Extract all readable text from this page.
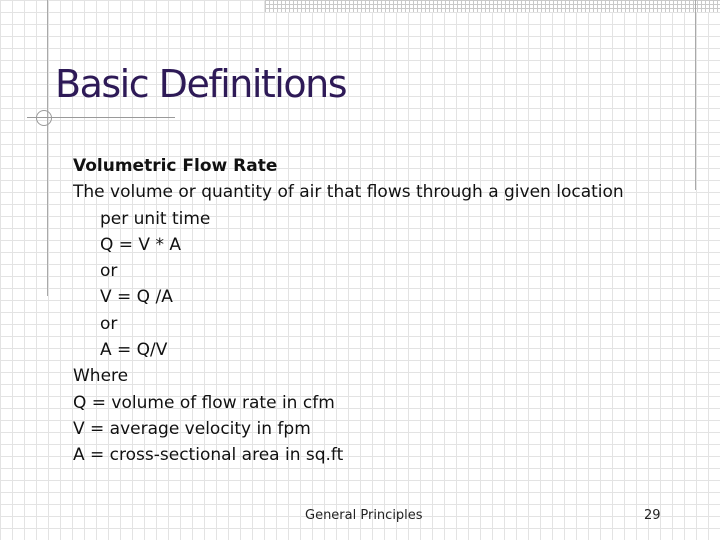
Basic Definitions
Volumetric Flow Rate
The volume or quantity of air that flows through a given location
per unit time
Q = V * A
or
V = Q /A
or
A = Q/V
Where
Q = volume of flow rate in cfm
V = average velocity in fpm
A = cross-sectional area in sq.ft
General Principles	29
